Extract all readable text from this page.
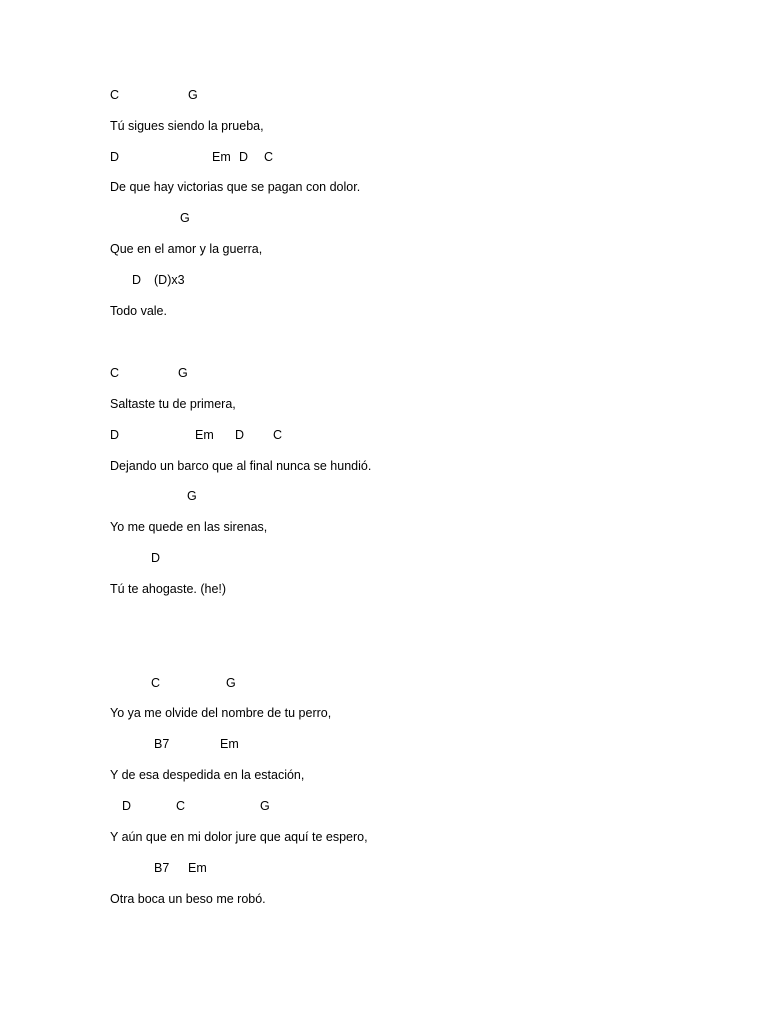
C	G
Tú sigues siendo la prueba,
D	Em D C
De que hay victorias que se pagan con dolor.
G
Que en el amor y la guerra,
D (D)x3
Todo vale.
C	G
Saltaste tu de primera,
D	Em D C
Dejando un barco que al final nunca se hundió.
G
Yo me quede en las sirenas,
D
Tú te ahogaste. (he!)
C	G
Yo ya me olvide del nombre de tu perro,
B7	Em
Y de esa despedida en la estación,
D	C	G
Y aún que en mi dolor jure que aquí te espero,
B7 Em
Otra boca un beso me robó.
